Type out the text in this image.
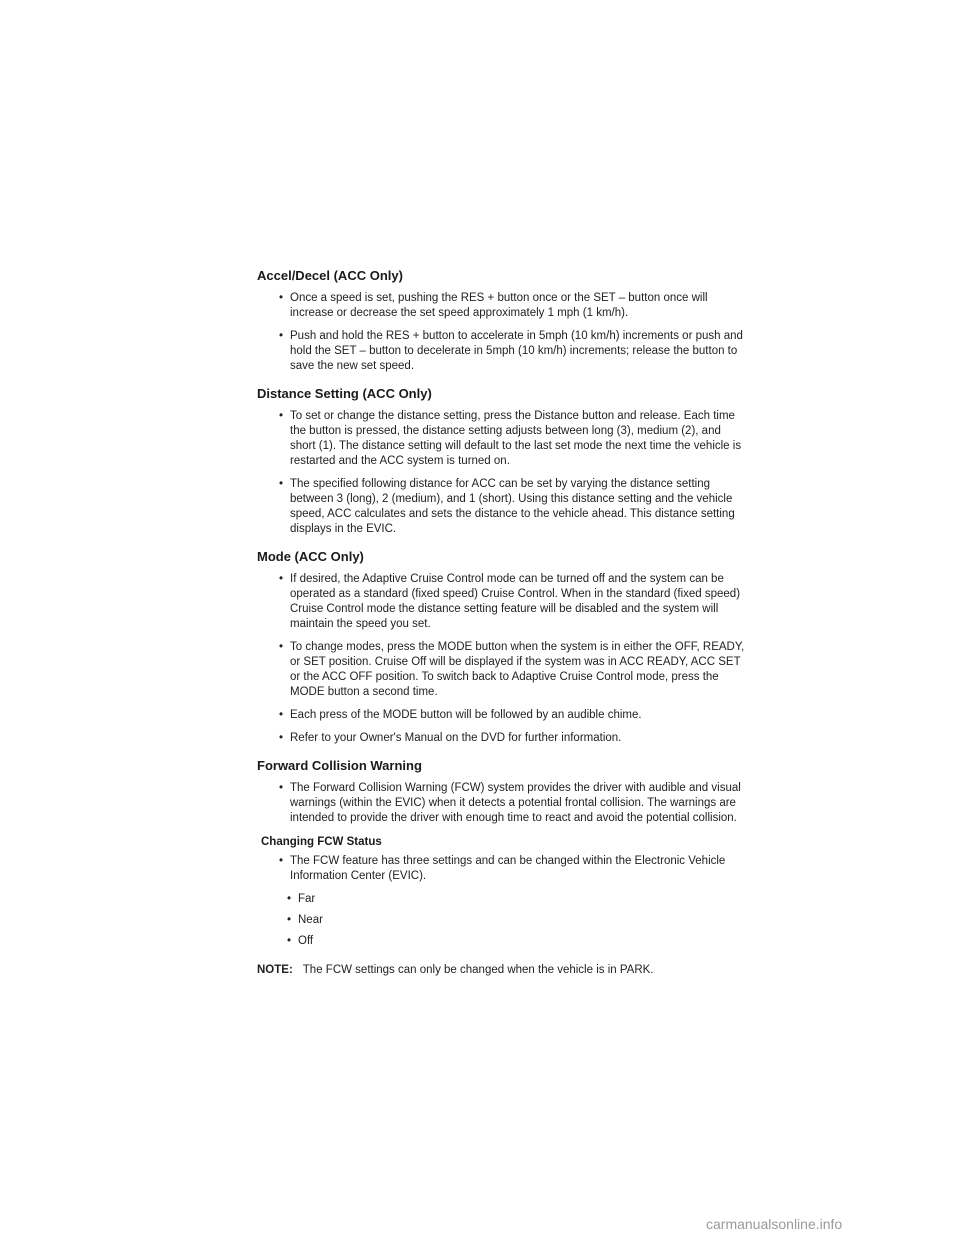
Accel/Decel (ACC Only)
• Once a speed is set, pushing the RES + button once or the SET – button once will increase or decrease the set speed approximately 1 mph (1 km/h).
• Push and hold the RES + button to accelerate in 5mph (10 km/h) increments or push and hold the SET – button to decelerate in 5mph (10 km/h) increments; release the button to save the new set speed.
Distance Setting (ACC Only)
• To set or change the distance setting, press the Distance button and release. Each time the button is pressed, the distance setting adjusts between long (3), medium (2), and short (1). The distance setting will default to the last set mode the next time the vehicle is restarted and the ACC system is turned on.
• The specified following distance for ACC can be set by varying the distance setting between 3 (long), 2 (medium), and 1 (short). Using this distance setting and the vehicle speed, ACC calculates and sets the distance to the vehicle ahead. This distance setting displays in the EVIC.
Mode (ACC Only)
• If desired, the Adaptive Cruise Control mode can be turned off and the system can be operated as a standard (fixed speed) Cruise Control. When in the standard (fixed speed) Cruise Control mode the distance setting feature will be disabled and the system will maintain the speed you set.
• To change modes, press the MODE button when the system is in either the OFF, READY, or SET position. Cruise Off will be displayed if the system was in ACC READY, ACC SET or the ACC OFF position. To switch back to Adaptive Cruise Control mode, press the MODE button a second time.
• Each press of the MODE button will be followed by an audible chime.
• Refer to your Owner's Manual on the DVD for further information.
Forward Collision Warning
• The Forward Collision Warning (FCW) system provides the driver with audible and visual warnings (within the EVIC) when it detects a potential frontal collision. The warnings are intended to provide the driver with enough time to react and avoid the potential collision.
Changing FCW Status
• The FCW feature has three settings and can be changed within the Electronic Vehicle Information Center (EVIC).
• Far
• Near
• Off

NOTE: The FCW settings can only be changed when the vehicle is in PARK.

carmanualsonline.info
